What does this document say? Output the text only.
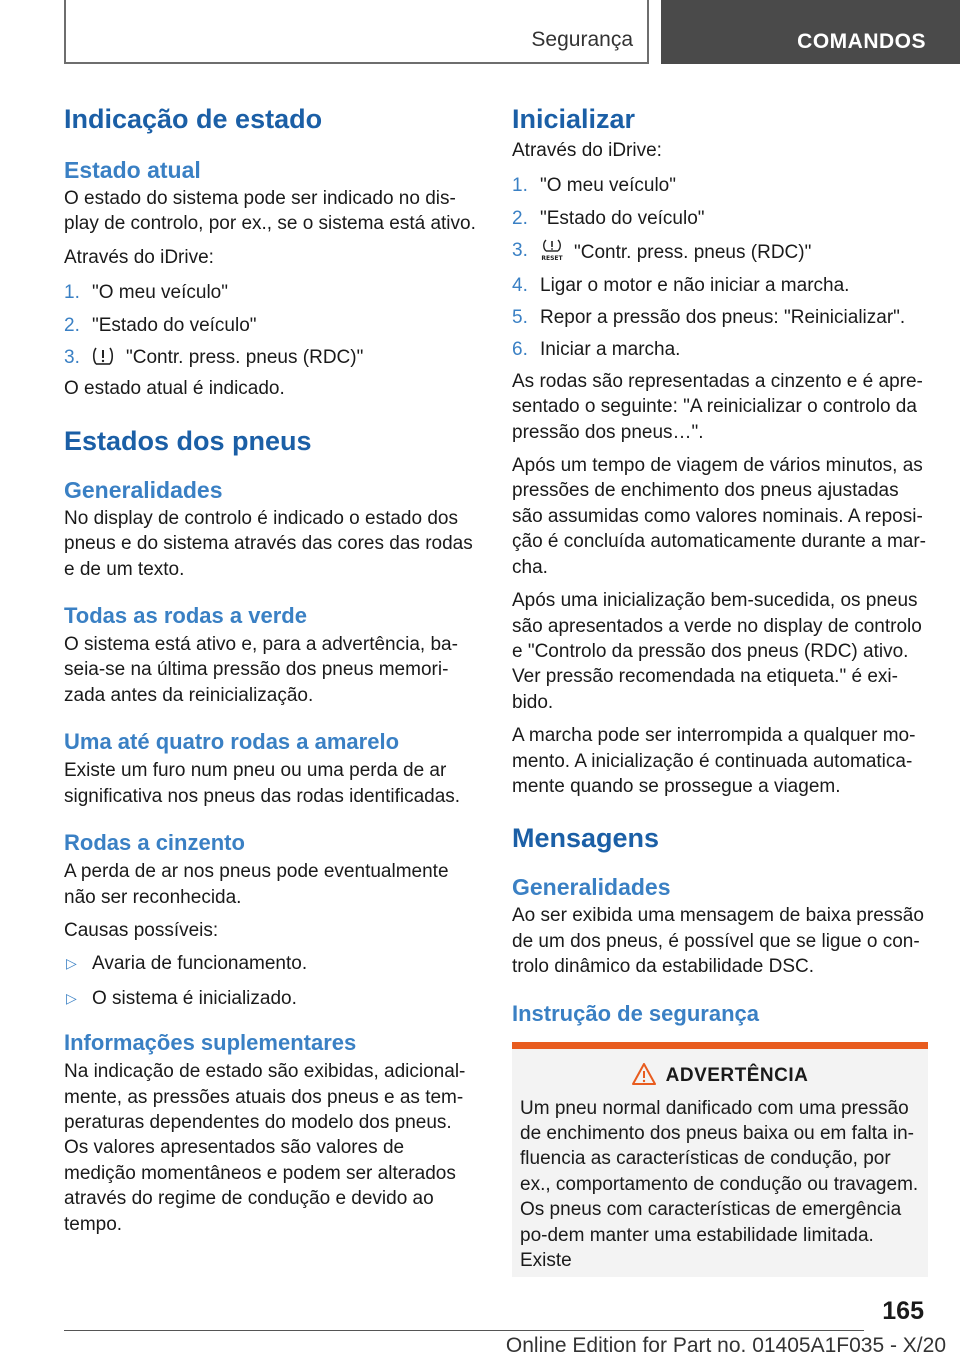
Segurança	COMANDOS
Indicação de estado
Estado atual

O estado do sistema pode ser indicado no dis-play de controlo, por ex., se o sistema está ativo.

Através do iDrive:

1. "O meu veículo"
2. "Estado do veículo"
3. "Contr. press. pneus (RDC)"

O estado atual é indicado.

Estados dos pneus
Generalidades

No display de controlo é indicado o estado dos pneus e do sistema através das cores das rodas e de um texto.

Todas as rodas a verde

O sistema está ativo e, para a advertência, ba-seia-se na última pressão dos pneus memori-zada antes da reinicialização.

Uma até quatro rodas a amarelo

Existe um furo num pneu ou uma perda de ar significativa nos pneus das rodas identificadas.

Rodas a cinzento

A perda de ar nos pneus pode eventualmente não ser reconhecida.

Causas possíveis:

▷ Avaria de funcionamento.
▷ O sistema é inicializado.
Informações suplementares

Na indicação de estado são exibidas, adicional-mente, as pressões atuais dos pneus e as tem-peraturas dependentes do modelo dos pneus. Os valores apresentados são valores de medição momentâneos e podem ser alterados através do regime de condução e devido ao tempo.

Inicializar

Através do iDrive:

1. "O meu veículo"
2. "Estado do veículo"
3. RESET "Contr. press. pneus (RDC)"
4. Ligar o motor e não iniciar a marcha.
5. Repor a pressão dos pneus: "Reinicializar".
6. Iniciar a marcha.

As rodas são representadas a cinzento e é apre-sentado o seguinte: "A reinicializar o controlo da pressão dos pneus…".

Após um tempo de viagem de vários minutos, as pressões de enchimento dos pneus ajustadas são assumidas como valores nominais. A reposi-ção é concluída automaticamente durante a mar-cha.

Após uma inicialização bem-sucedida, os pneus são apresentados a verde no display de controlo e "Controlo da pressão dos pneus (RDC) ativo. Ver pressão recomendada na etiqueta." é exi-bido.

A marcha pode ser interrompida a qualquer mo-mento. A inicialização é continuada automatica-mente quando se prossegue a viagem.

Mensagens
Generalidades

Ao ser exibida uma mensagem de baixa pressão de um dos pneus, é possível que se ligue o con-trolo dinâmico da estabilidade DSC.

Instrução de segurança
ADVERTÊNCIA

Um pneu normal danificado com uma pressão de enchimento dos pneus baixa ou em falta in-fluencia as características de condução, por ex., comportamento de condução ou travagem. Os pneus com características de emergência po-dem manter uma estabilidade limitada. Existe

165
Online Edition for Part no. 01405A1F035 - X/20
